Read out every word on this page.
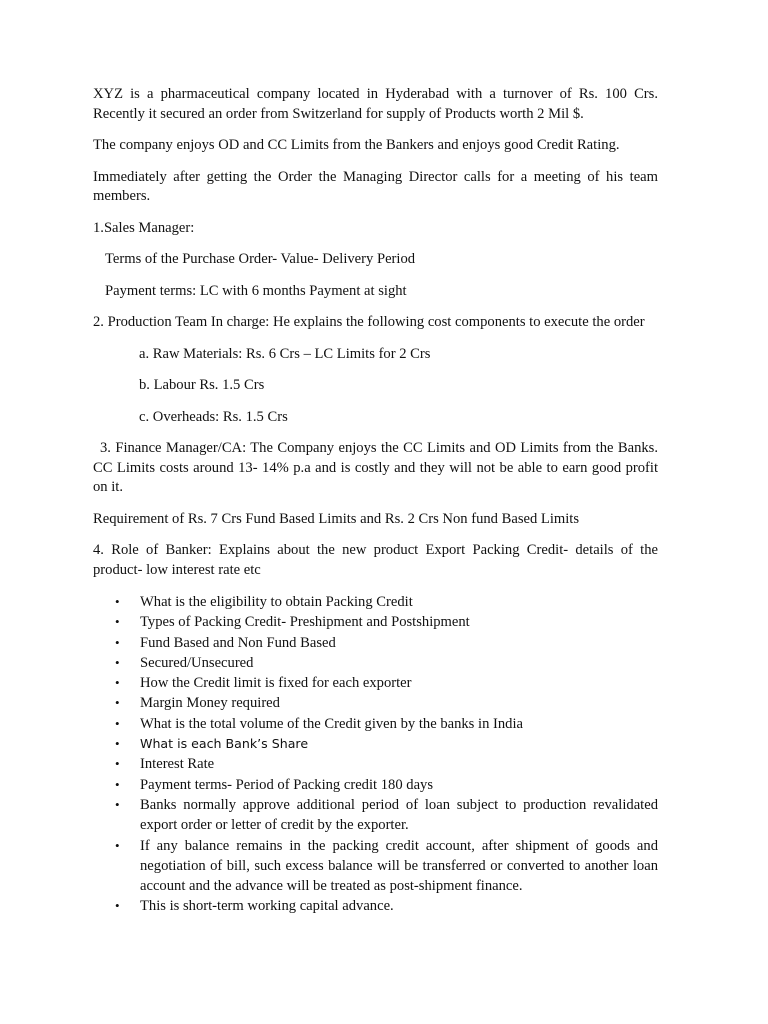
XYZ is a pharmaceutical company located in Hyderabad with a turnover of Rs. 100 Crs. Recently it secured an order from Switzerland for supply of Products worth 2 Mil $.

The company enjoys OD and CC Limits from the Bankers and enjoys good Credit Rating.

Immediately after getting the Order the Managing Director calls for a meeting of his team members.

1.Sales Manager:

Terms of the Purchase Order- Value- Delivery Period

Payment terms: LC with 6 months Payment at sight

2. Production Team In charge: He explains the following cost components to execute the order

a. Raw Materials: Rs. 6 Crs – LC Limits for 2 Crs

b. Labour Rs. 1.5 Crs

c. Overheads: Rs. 1.5 Crs

3. Finance Manager/CA: The Company enjoys the CC Limits and OD Limits from the Banks. CC Limits costs around 13- 14% p.a and is costly and they will not be able to earn good profit on it.

Requirement of Rs. 7 Crs Fund Based Limits and Rs. 2 Crs Non fund Based Limits

4. Role of Banker: Explains about the new product Export Packing Credit- details of the product- low interest rate etc

• What is the eligibility to obtain Packing Credit
• Types of Packing Credit- Preshipment and Postshipment
• Fund Based and Non Fund Based
• Secured/Unsecured
• How the Credit limit is fixed for each exporter
• Margin Money required
• What is the total volume of the Credit given by the banks in India
• What is each Bank’s Share
• Interest Rate
• Payment terms- Period of Packing credit 180 days
• Banks normally approve additional period of loan subject to production revalidated export order or letter of credit by the exporter.
• If any balance remains in the packing credit account, after shipment of goods and negotiation of bill, such excess balance will be transferred or converted to another loan account and the advance will be treated as post-shipment finance.
• This is short-term working capital advance.
